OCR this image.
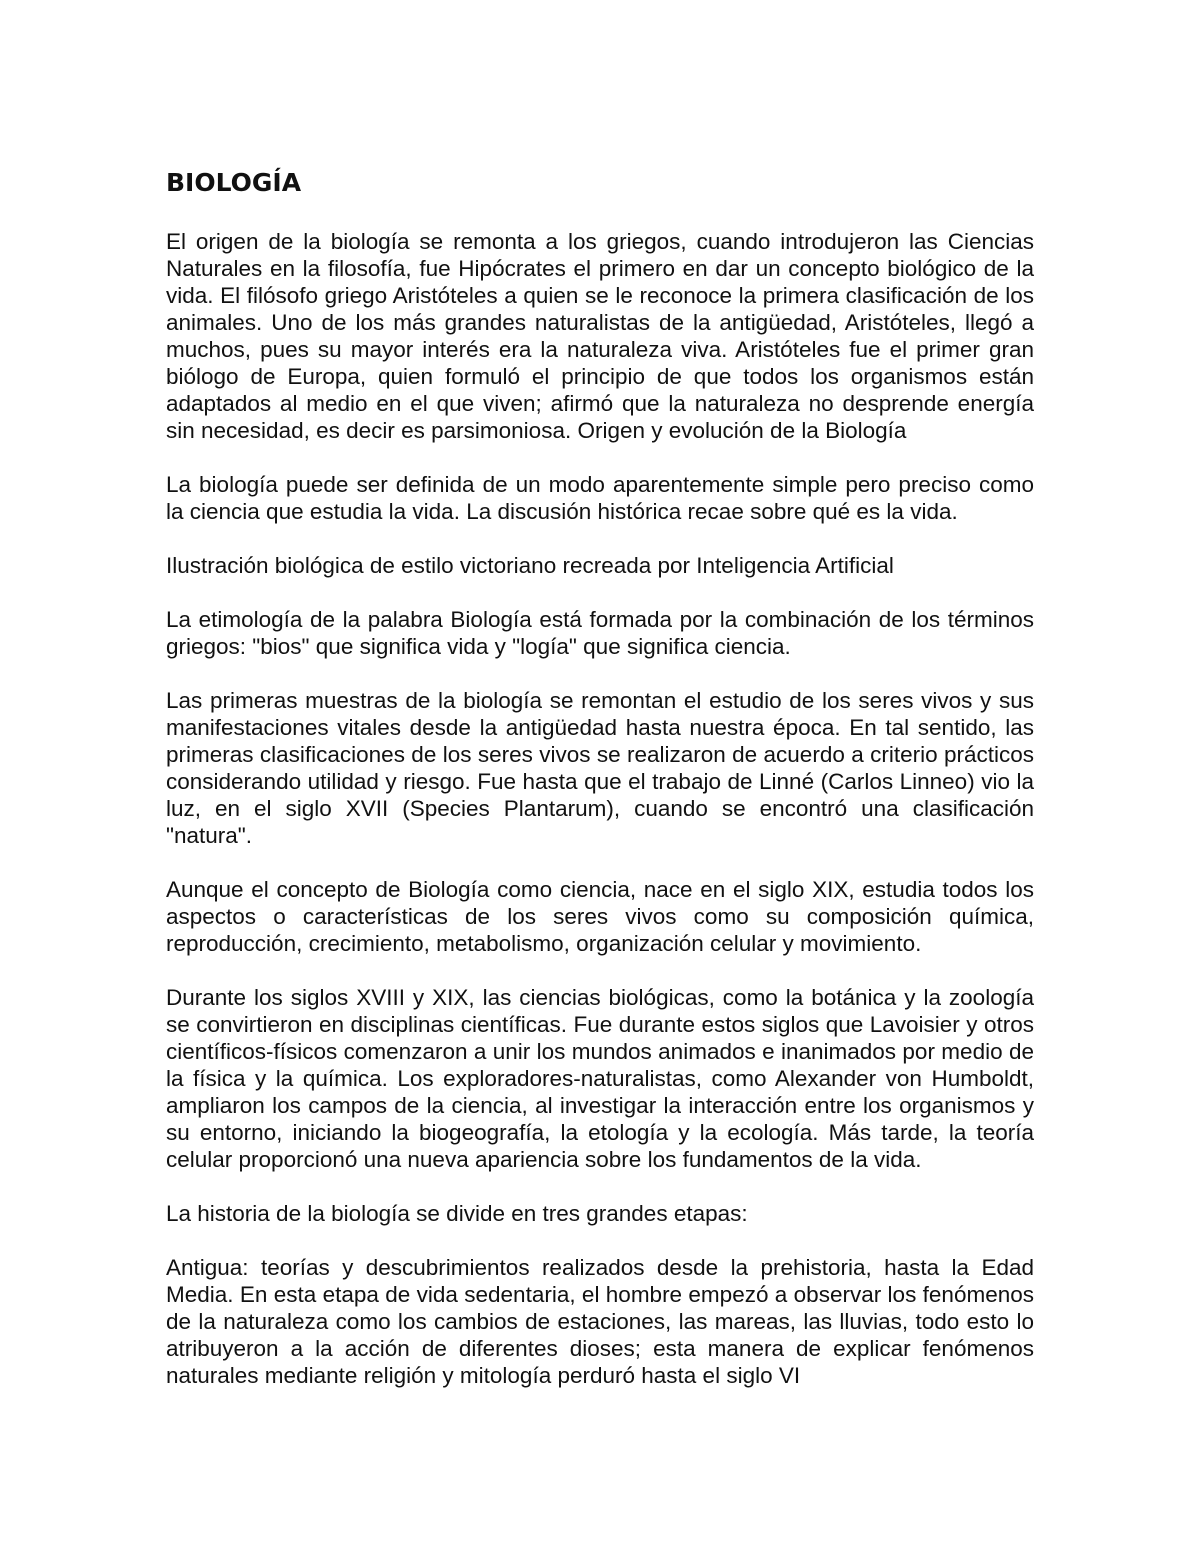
BIOLOGÍA

El origen de la biología se remonta a los griegos, cuando introdujeron las Ciencias Naturales en la filosofía, fue Hipócrates el primero en dar un concepto biológico de la vida. El filósofo griego Aristóteles a quien se le reconoce la primera clasificación de los animales. Uno de los más grandes naturalistas de la antigüedad, Aristóteles, llegó a muchos, pues su mayor interés era la naturaleza viva. Aristóteles fue el primer gran biólogo de Europa, quien formuló el principio de que todos los organismos están adaptados al medio en el que viven; afirmó que la naturaleza no desprende energía sin necesidad, es decir es parsimoniosa. Origen y evolución de la Biología

La biología puede ser definida de un modo aparentemente simple pero preciso como la ciencia que estudia la vida. La discusión histórica recae sobre qué es la vida.

Ilustración biológica de estilo victoriano recreada por Inteligencia Artificial

La etimología de la palabra Biología está formada por la combinación de los términos griegos: "bios" que significa vida y "logía" que significa ciencia.

Las primeras muestras de la biología se remontan el estudio de los seres vivos y sus manifestaciones vitales desde la antigüedad hasta nuestra época. En tal sentido, las primeras clasificaciones de los seres vivos se realizaron de acuerdo a criterio prácticos considerando utilidad y riesgo. Fue hasta que el trabajo de Linné (Carlos Linneo) vio la luz, en el siglo XVII (Species Plantarum), cuando se encontró una clasificación "natura".

Aunque el concepto de Biología como ciencia, nace en el siglo XIX, estudia todos los aspectos o características de los seres vivos como su composición química, reproducción, crecimiento, metabolismo, organización celular y movimiento.

Durante los siglos XVIII y XIX, las ciencias biológicas, como la botánica y la zoología se convirtieron en disciplinas científicas. Fue durante estos siglos que Lavoisier y otros científicos-físicos comenzaron a unir los mundos animados e inanimados por medio de la física y la química. Los exploradores-naturalistas, como Alexander von Humboldt, ampliaron los campos de la ciencia, al investigar la interacción entre los organismos y su entorno, iniciando la biogeografía, la etología y la ecología. Más tarde, la teoría celular proporcionó una nueva apariencia sobre los fundamentos de la vida.

La historia de la biología se divide en tres grandes etapas:

Antigua: teorías y descubrimientos realizados desde la prehistoria, hasta la Edad Media. En esta etapa de vida sedentaria, el hombre empezó a observar los fenómenos de la naturaleza como los cambios de estaciones, las mareas, las lluvias, todo esto lo atribuyeron a la acción de diferentes dioses; esta manera de explicar fenómenos naturales mediante religión y mitología perduró hasta el siglo VI
